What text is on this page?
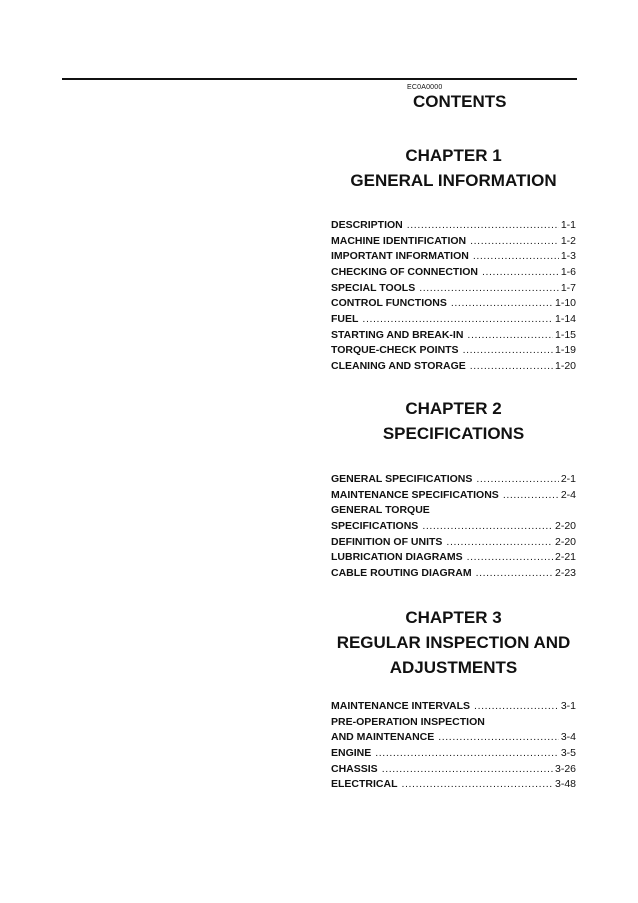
EC0A0000
CONTENTS
CHAPTER 1
GENERAL INFORMATION
DESCRIPTION .....	1-1
MACHINE IDENTIFICATION .....	1-2
IMPORTANT INFORMATION .....	1-3
CHECKING OF CONNECTION .....	1-6
SPECIAL TOOLS .....	1-7
CONTROL FUNCTIONS .....	1-10
FUEL .....	1-14
STARTING AND BREAK-IN .....	1-15
TORQUE-CHECK POINTS .....	1-19
CLEANING AND STORAGE .....	1-20
CHAPTER 2
SPECIFICATIONS
GENERAL SPECIFICATIONS .....	2-1
MAINTENANCE SPECIFICATIONS .....	2-4
GENERAL TORQUE
SPECIFICATIONS .....	2-20
DEFINITION OF UNITS .....	2-20
LUBRICATION DIAGRAMS .....	2-21
CABLE ROUTING DIAGRAM .....	2-23
CHAPTER 3
REGULAR INSPECTION AND
ADJUSTMENTS
MAINTENANCE INTERVALS .....	3-1
PRE-OPERATION INSPECTION
AND MAINTENANCE .....	3-4
ENGINE .....	3-5
CHASSIS .....	3-26
ELECTRICAL .....	3-48
